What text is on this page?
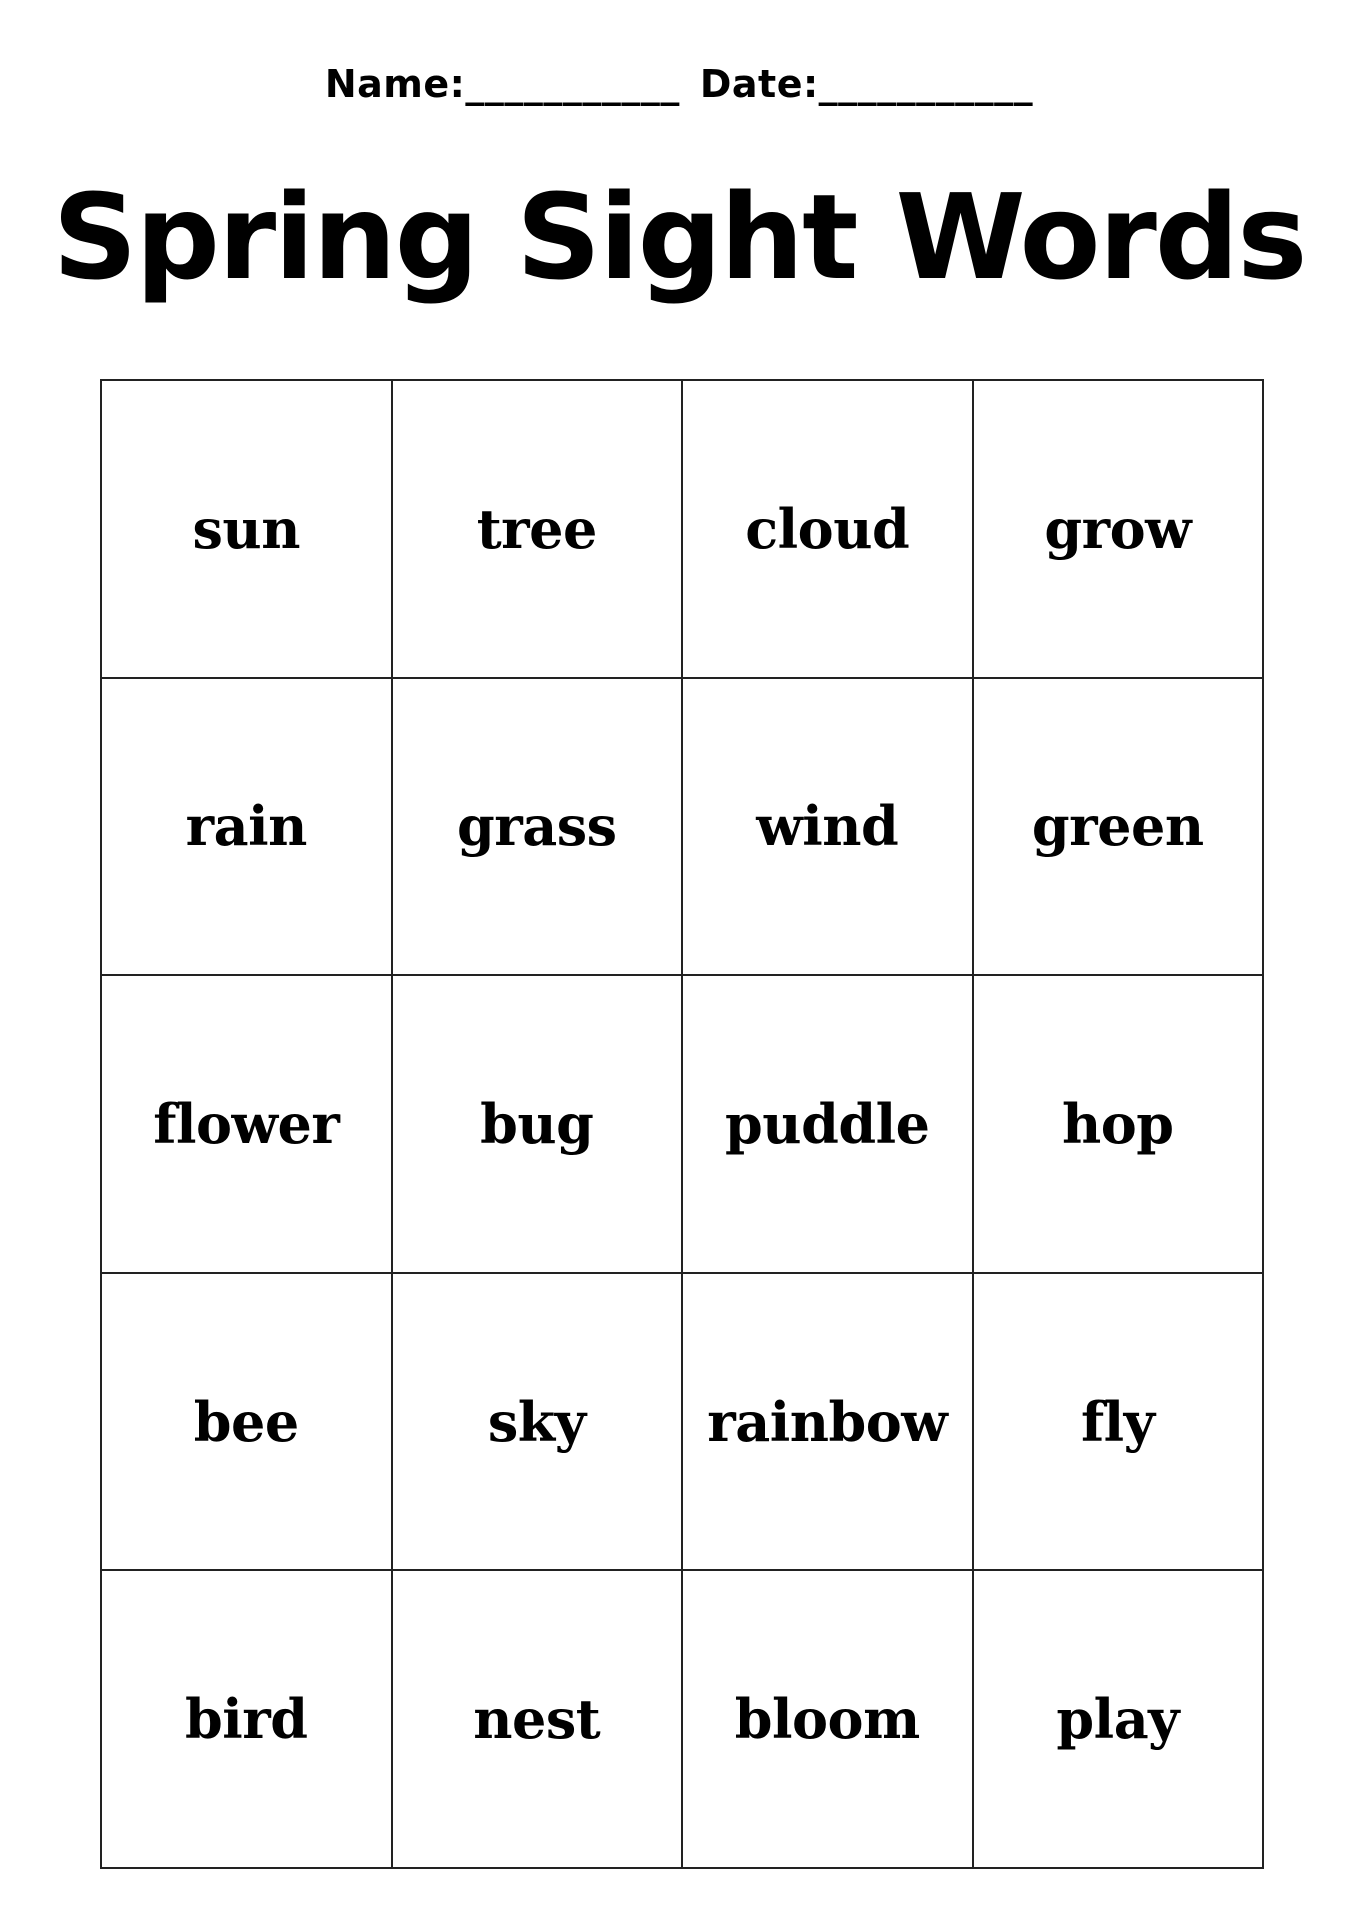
Name:___________ Date:___________
Spring Sight Words
sun	tree	cloud	grow
rain	grass	wind green
flower	bug puddle hop
bee	sky rainbow fly
bird	nest bloom	play
